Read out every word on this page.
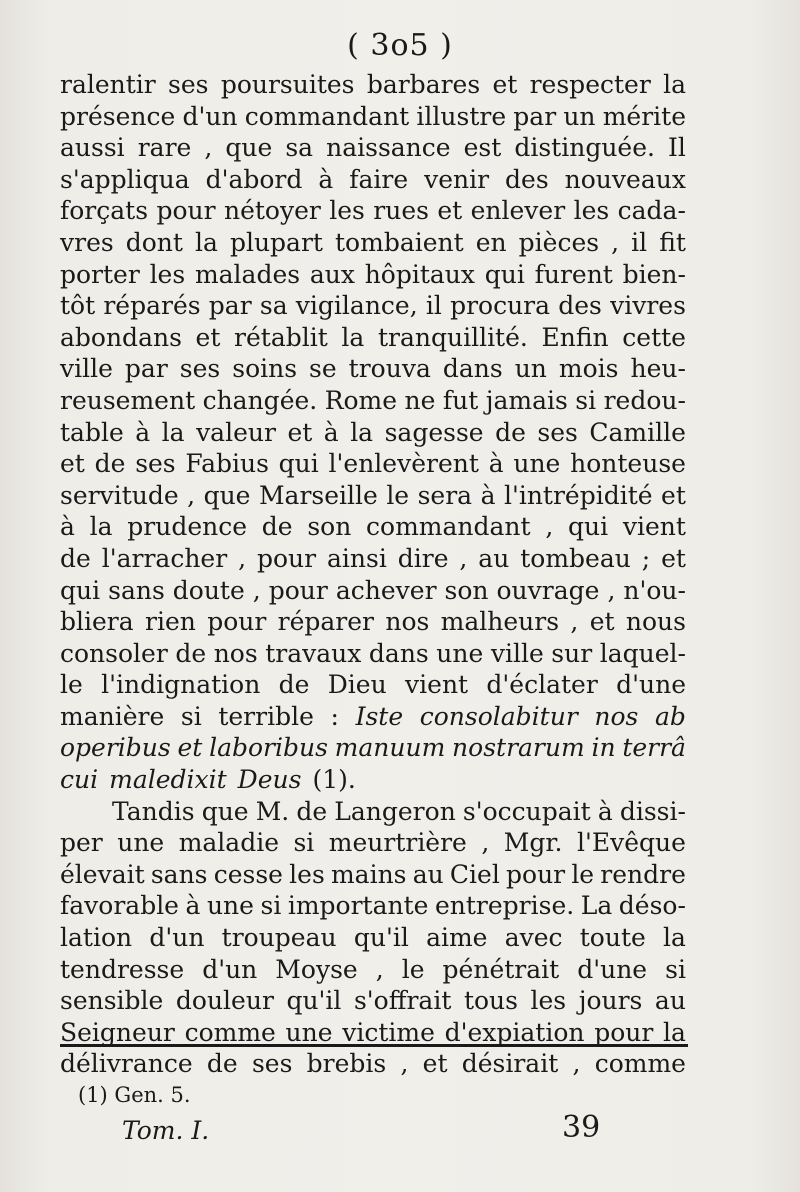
( 3o5 )
ralentir ses poursuites barbares et respecter la
présence d'un commandant illustre par un mérite
aussi rare , que sa naissance est distinguée. Il
s'appliqua d'abord à faire venir des nouveaux
forçats pour nétoyer les rues et enlever les cada-
vres dont la plupart tombaient en pièces , il fit
porter les malades aux hôpitaux qui furent bien-
tôt réparés par sa vigilance, il procura des vivres
abondans et rétablit la tranquillité. Enfin cette
ville par ses soins se trouva dans un mois heu-
reusement changée. Rome ne fut jamais si redou-
table à la valeur et à la sagesse de ses Camille
et de ses Fabius qui l'enlevèrent à une honteuse
servitude , que Marseille le sera à l'intrépidité et
à la prudence de son commandant , qui vient
de l'arracher , pour ainsi dire , au tombeau ; et
qui sans doute , pour achever son ouvrage , n'ou-
bliera rien pour réparer nos malheurs , et nous
consoler de nos travaux dans une ville sur laquel-
le l'indignation de Dieu vient d'éclater d'une
manière si terrible : Iste consolabitur nos ab
operibus et laboribus manuum nostrarum in terrâ
cui maledixit Deus (1).
Tandis que M. de Langeron s'occupait à dissi-
per une maladie si meurtrière , Mgr. l'Evêque
élevait sans cesse les mains au Ciel pour le rendre
favorable à une si importante entreprise. La déso-
lation d'un troupeau qu'il aime avec toute la
tendresse d'un Moyse , le pénétrait d'une si
sensible douleur qu'il s'offrait tous les jours au
Seigneur comme une victime d'expiation pour la
délivrance de ses brebis , et désirait , comme
(1) Gen. 5.
Tom. I.	39
